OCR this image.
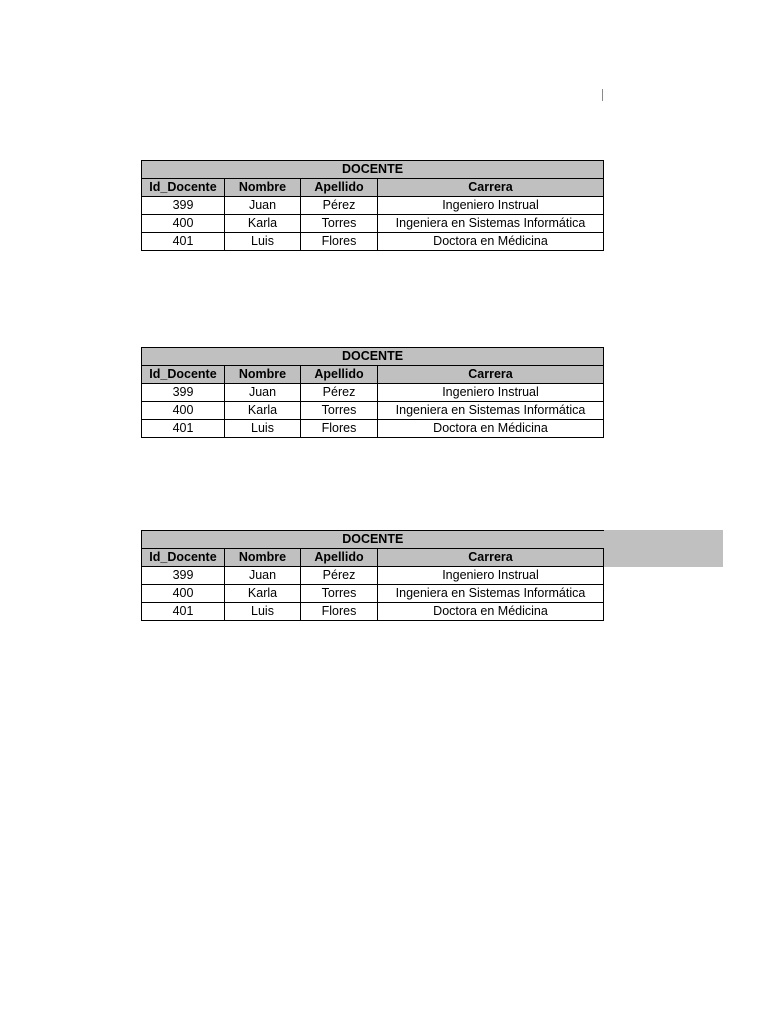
DOCENTE			
Id_Docente	Nombre	Apellido	Carrera
399	Juan	Pérez	Ingeniero Instrual
400	Karla	Torres	Ingeniera en Sistemas Informática
401	Luis	Flores	Doctora en Médicina
DOCENTE			
Id_Docente	Nombre	Apellido	Carrera
399	Juan	Pérez	Ingeniero Instrual
400	Karla	Torres	Ingeniera en Sistemas Informática
401	Luis	Flores	Doctora en Médicina
DOCENTE			
Id_Docente	Nombre	Apellido	Carrera
399	Juan	Pérez	Ingeniero Instrual
400	Karla	Torres	Ingeniera en Sistemas Informática
401	Luis	Flores	Doctora en Médicina
